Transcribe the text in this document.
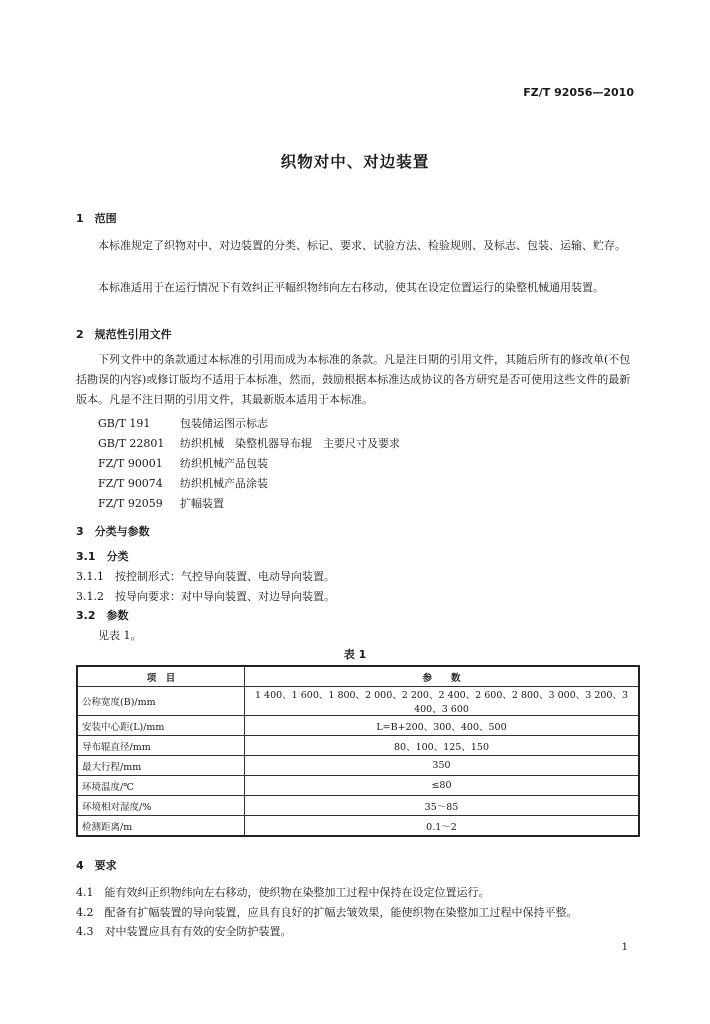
FZ/T 92056—2010
织物对中、对边装置
1　范围
本标准规定了织物对中、对边装置的分类、标记、要求、试验方法、检验规则、及标志、包装、运输、贮存。
本标准适用于在运行情况下有效纠正平幅织物纬向左右移动，使其在设定位置运行的染整机械通用装置。
2　规范性引用文件
下列文件中的条款通过本标准的引用而成为本标准的条款。凡是注日期的引用文件，其随后所有的修改单(不包括勘误的内容)或修订版均不适用于本标准，然而，鼓励根据本标准达成协议的各方研究是否可使用这些文件的最新版本。凡是不注日期的引用文件，其最新版本适用于本标准。
GB/T 191	包装储运图示标志
GB/T 22801 纺织机械　染整机器导布辊　主要尺寸及要求
FZ/T 90001 纺织机械产品包装
FZ/T 90074 纺织机械产品涂装
FZ/T 92059 扩幅装置
3　分类与参数
3.1　分类
3.1.1　按控制形式：气控导向装置、电动导向装置。
3.1.2　按导向要求：对中导向装置、对边导向装置。
3.2　参数
见表 1。
表 1
项　目	参　　数
公称宽度(B)/mm	1 400、1 600、1 800、2 000、2 200、2 400、2 600、2 800、3 000、3 200、3 400、3 600
安装中心距(L)/mm	L=B+200、300、400、500
导布辊直径/mm	80、100、125、150
最大行程/mm	350
环境温度/℃	≤80
环境相对湿度/%	35～85
检测距离/m	0.1～2
4　要求
4.1　能有效纠正织物纬向左右移动，使织物在染整加工过程中保持在设定位置运行。
4.2　配备有扩幅装置的导向装置，应具有良好的扩幅去皱效果，能使织物在染整加工过程中保持平整。
4.3　对中装置应具有有效的安全防护装置。
1
